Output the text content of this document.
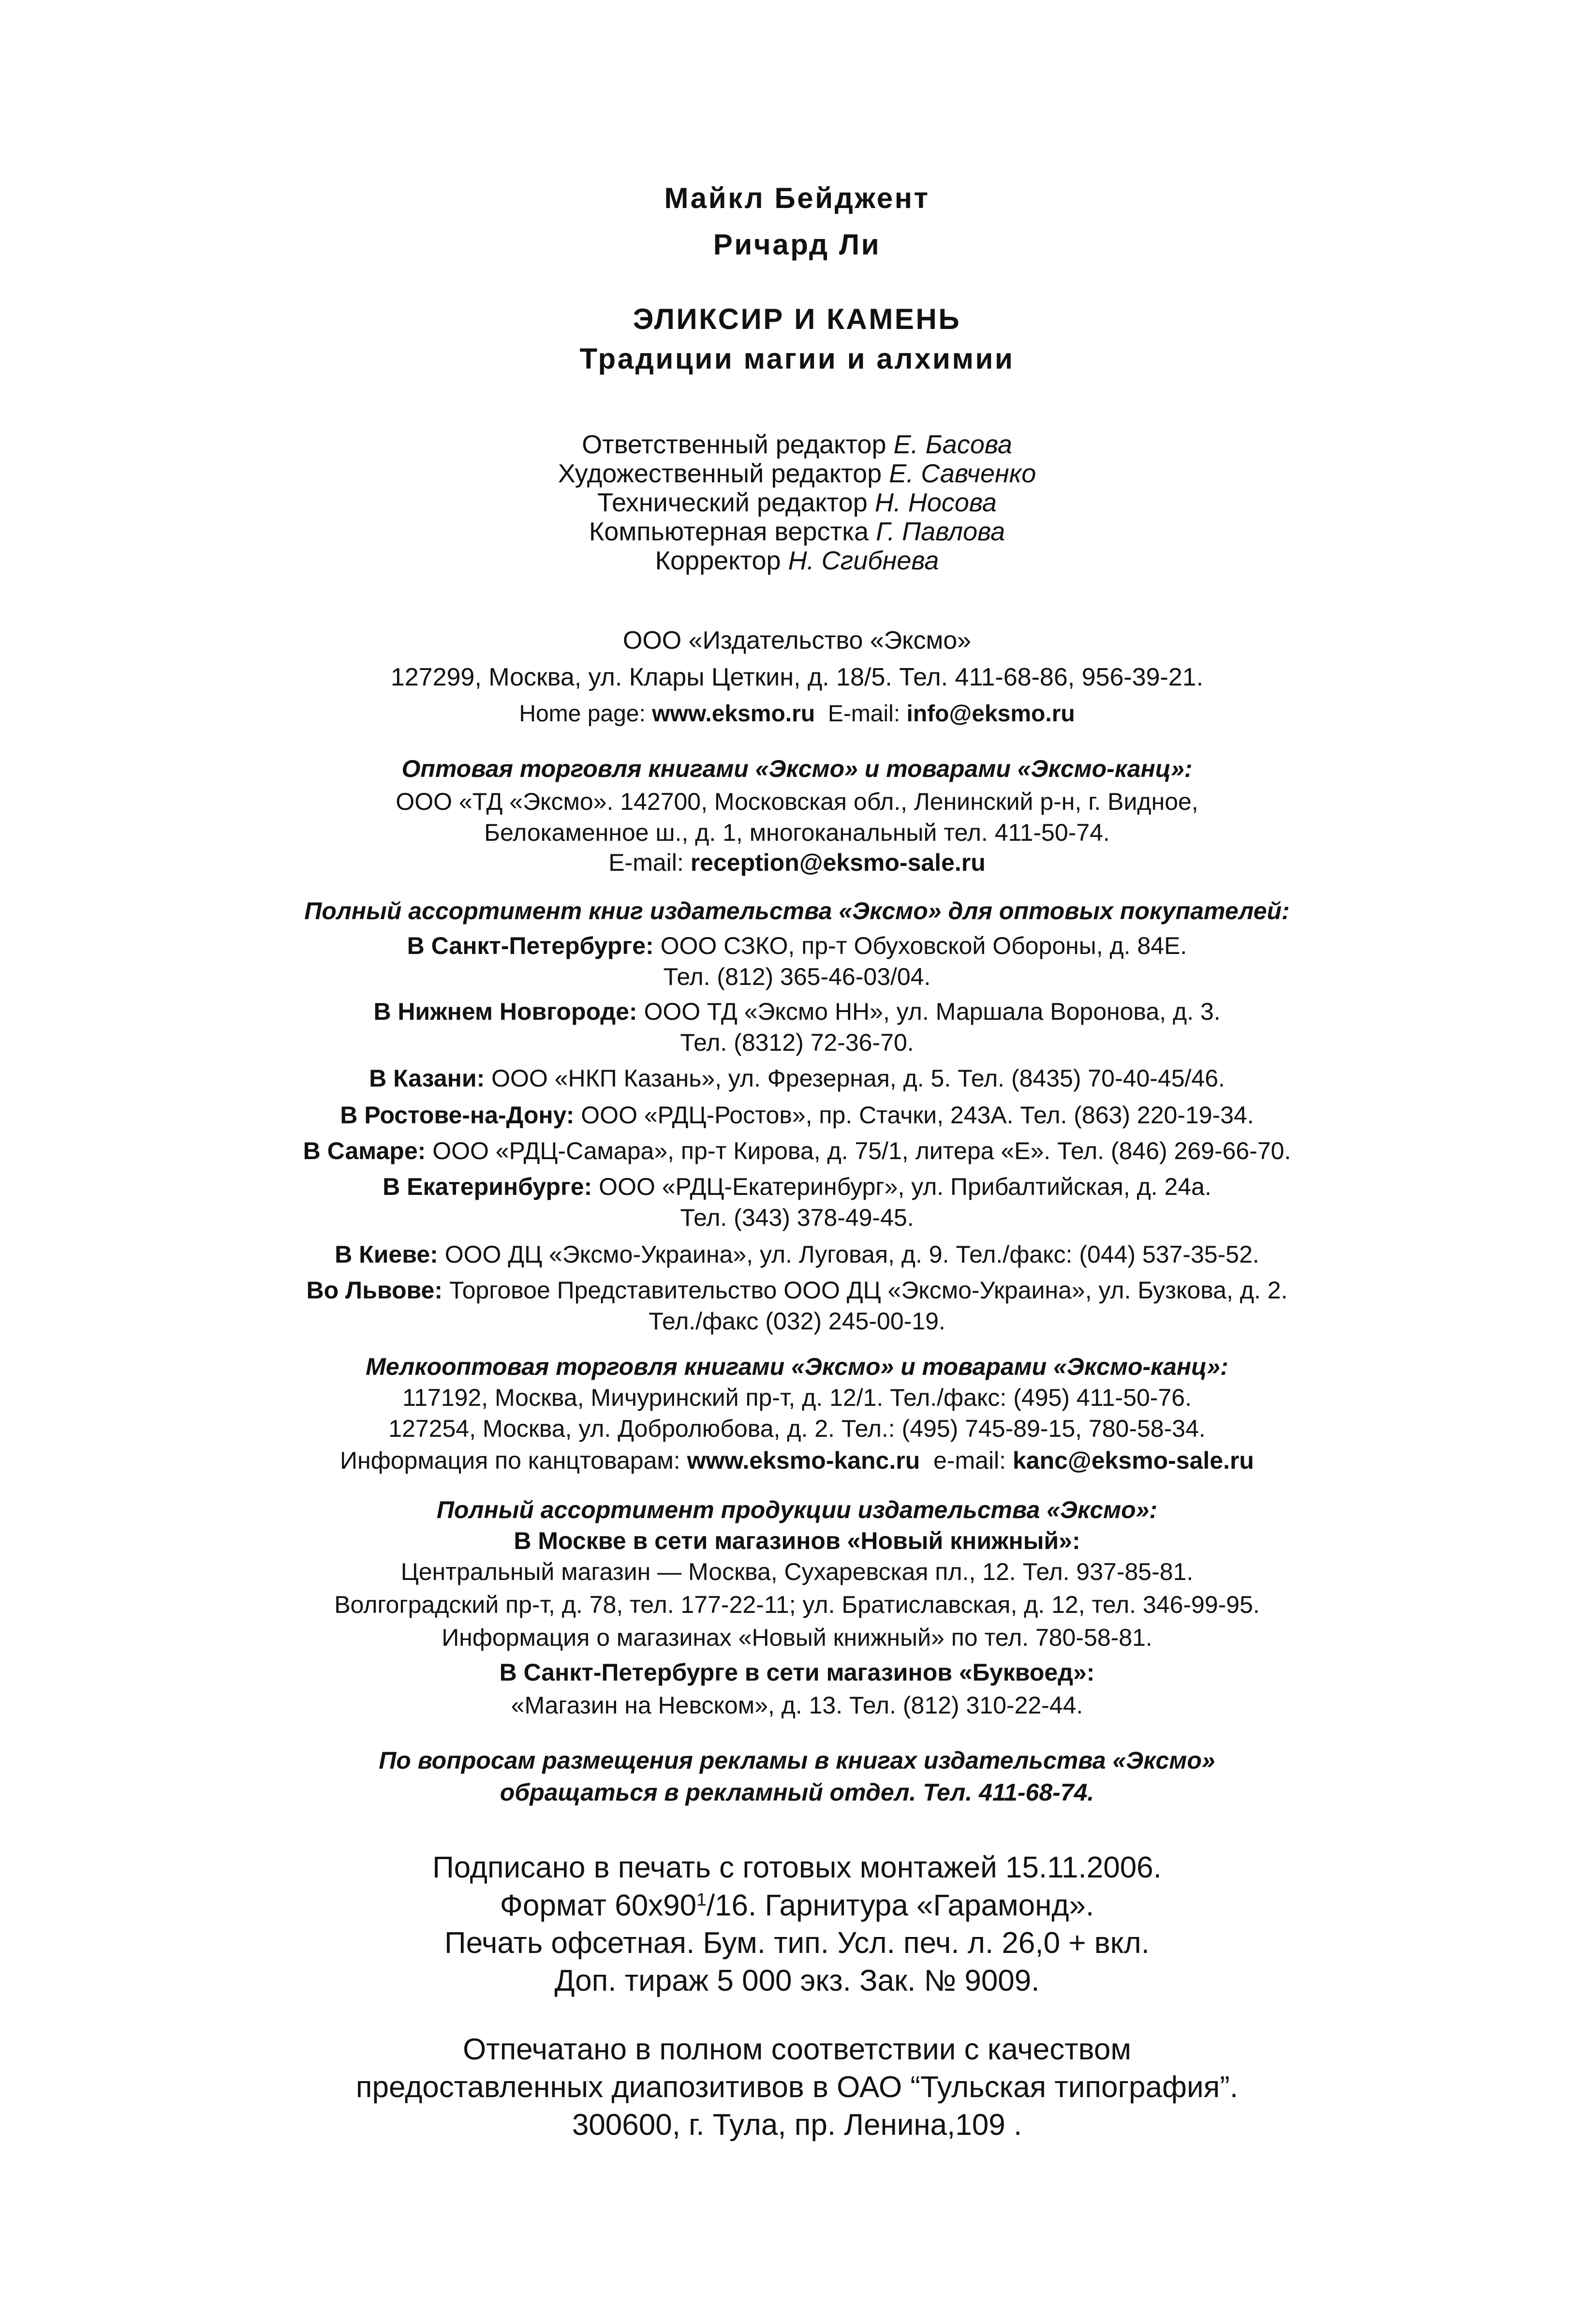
Майкл Бейджент
Ричард Ли
ЭЛИКСИР И КАМЕНЬ
Традиции магии и алхимии
Ответственный редактор Е. Басова
Художественный редактор Е. Савченко
Технический редактор Н. Носова
Компьютерная верстка Г. Павлова
Корректор Н. Сгибнева
ООО «Издательство «Эксмо»
127299, Москва, ул. Клары Цеткин, д. 18/5. Тел. 411-68-86, 956-39-21.
Home page: www.eksmo.ru E-mail: info@eksmo.ru
Оптовая торговля книгами «Эксмо» и товарами «Эксмо-канц»:
ООО «ТД «Эксмо». 142700, Московская обл., Ленинский р-н, г. Видное,
Белокаменное ш., д. 1, многоканальный тел. 411-50-74.
E-mail: reception@eksmo-sale.ru
Полный ассортимент книг издательства «Эксмо» для оптовых покупателей:
В Санкт-Петербурге: ООО СЗКО, пр-т Обуховской Обороны, д. 84Е.
Тел. (812) 365-46-03/04.
В Нижнем Новгороде: ООО ТД «Эксмо НН», ул. Маршала Воронова, д. 3.
Тел. (8312) 72-36-70.
В Казани: ООО «НКП Казань», ул. Фрезерная, д. 5. Тел. (8435) 70-40-45/46.
В Ростове-на-Дону: ООО «РДЦ-Ростов», пр. Стачки, 243А. Тел. (863) 220-19-34.
В Самаре: ООО «РДЦ-Самара», пр-т Кирова, д. 75/1, литера «Е». Тел. (846) 269-66-70.
В Екатеринбурге: ООО «РДЦ-Екатеринбург», ул. Прибалтийская, д. 24а.
Тел. (343) 378-49-45.
В Киеве: ООО ДЦ «Эксмо-Украина», ул. Луговая, д. 9. Тел./факс: (044) 537-35-52.
Во Львове: Торговое Представительство ООО ДЦ «Эксмо-Украина», ул. Бузкова, д. 2.
Тел./факс (032) 245-00-19.
Мелкооптовая торговля книгами «Эксмо» и товарами «Эксмо-канц»:
117192, Москва, Мичуринский пр-т, д. 12/1. Тел./факс: (495) 411-50-76.
127254, Москва, ул. Добролюбова, д. 2. Тел.: (495) 745-89-15, 780-58-34.
Информация по канцтоварам: www.eksmo-kanc.ru e-mail: kanc@eksmo-sale.ru
Полный ассортимент продукции издательства «Эксмо»:
В Москве в сети магазинов «Новый книжный»:
Центральный магазин — Москва, Сухаревская пл., 12. Тел. 937-85-81.
Волгоградский пр-т, д. 78, тел. 177-22-11; ул. Братиславская, д. 12, тел. 346-99-95.
Информация о магазинах «Новый книжный» по тел. 780-58-81.
В Санкт-Петербурге в сети магазинов «Буквоед»:
«Магазин на Невском», д. 13. Тел. (812) 310-22-44.
По вопросам размещения рекламы в книгах издательства «Эксмо»
обращаться в рекламный отдел. Тел. 411-68-74.
Подписано в печать с готовых монтажей 15.11.2006.
Формат $60x90^1/16$. Гарнитура «Гарамонд».
Печать офсетная. Бум. тип. Усл. печ. л. 26,0 + вкл.
Доп. тираж 5 000 экз. Зак. № 9009.
Отпечатано в полном соответствии с качеством
предоставленных диапозитивов в ОАО “Тульская типография”.
300600, г. Тула, пр. Ленина,109 .
